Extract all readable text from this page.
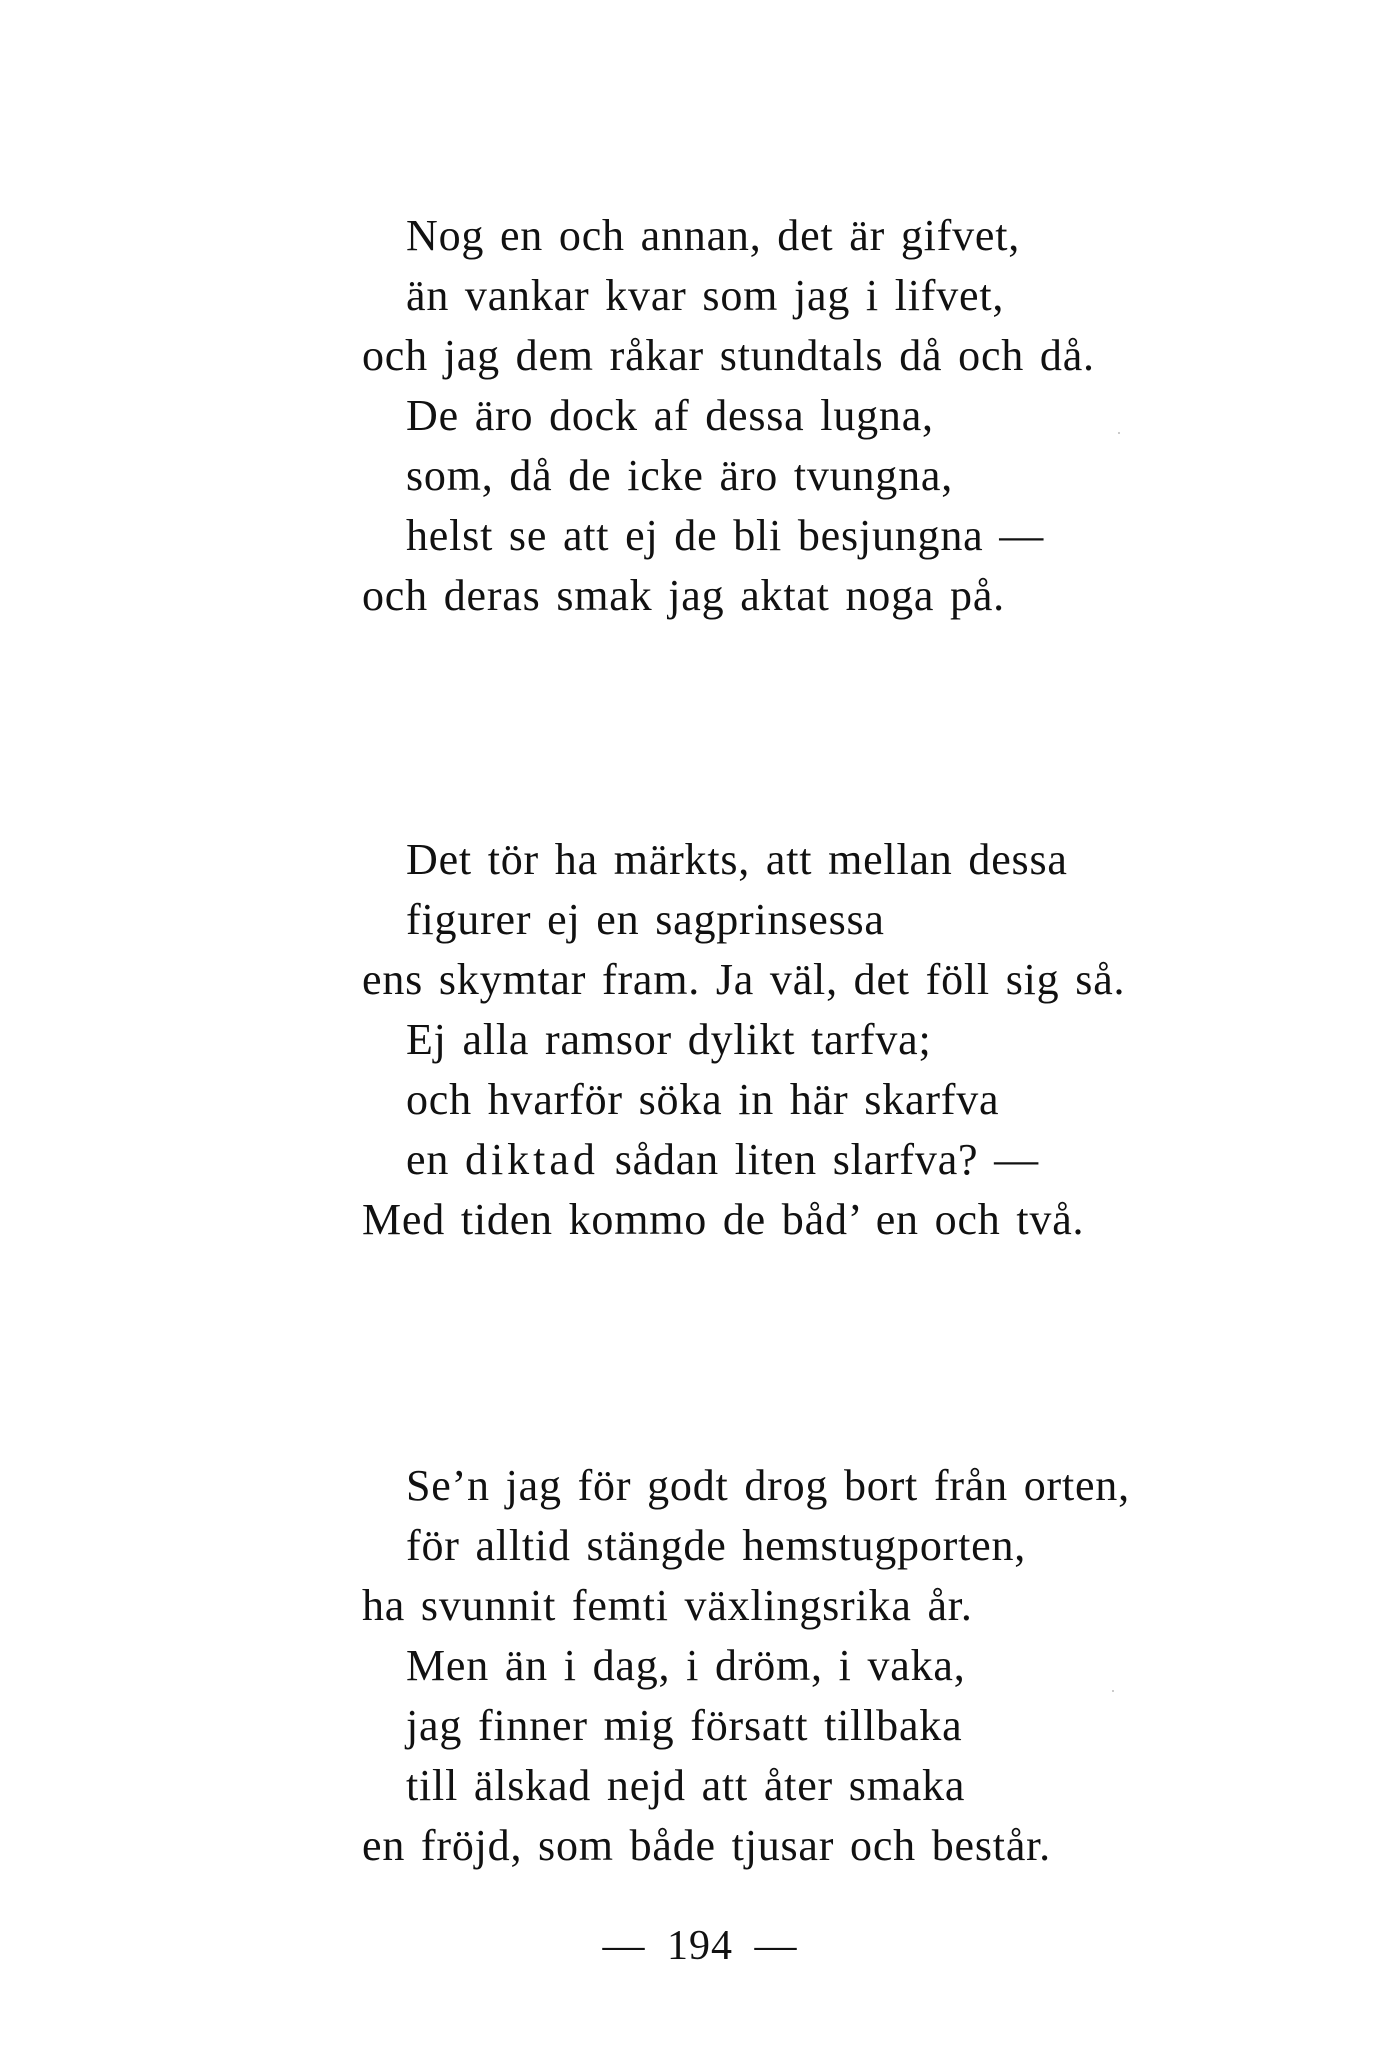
Nog en och annan, det är gifvet,
än vankar kvar som jag i lifvet,
och jag dem råkar stundtals då och då.
De äro dock af dessa lugna,
som, då de icke äro tvungna,
helst se att ej de bli besjungna —
och deras smak jag aktat noga på.
Det tör ha märkts, att mellan dessa
figurer ej en sagprinsessa
ens skymtar fram. Ja väl, det föll sig så.
Ej alla ramsor dylikt tarfva;
och hvarför söka in här skarfva
en diktad sådan liten slarfva? —
Med tiden kommo de båd’ en och två.
Se’n jag för godt drog bort från orten,
för alltid stängde hemstugporten,
ha svunnit femti växlingsrika år.
Men än i dag, i dröm, i vaka,
jag finner mig försatt tillbaka
till älskad nejd att åter smaka
en fröjd, som både tjusar och består.
— 194 —
